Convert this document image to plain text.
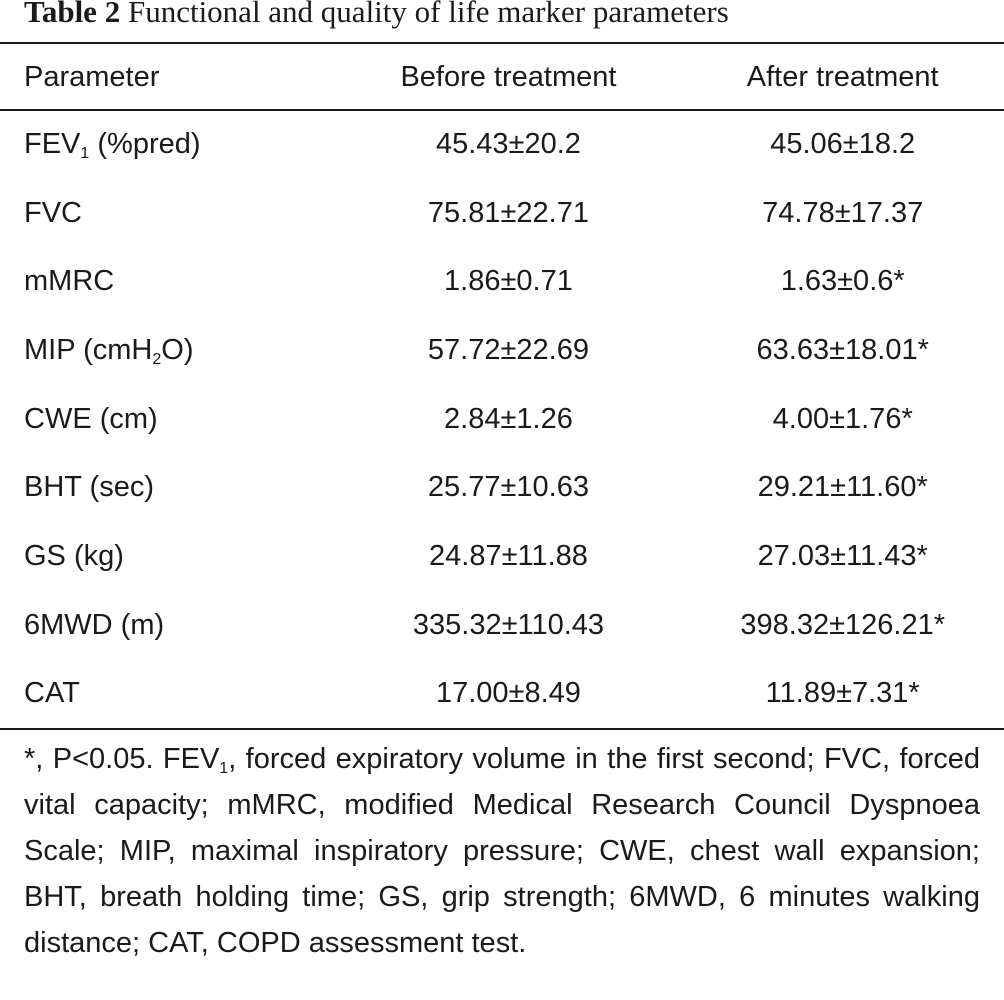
Table 2 Functional and quality of life marker parameters
Parameter	Before treatment	After treatment
$FEV_1$ (%pred)	45.43±20.2	45.06±18.2
FVC	75.81±22.71	74.78±17.37
mMRC	1.86±0.71	1.63±0.6*
MIP (cmH$_2$O)	57.72±22.69	63.63±18.01*
CWE (cm)	2.84±1.26	4.00±1.76*
BHT (sec)	25.77±10.63	29.21±11.60*
GS (kg)	24.87±11.88	27.03±11.43*
6MWD (m)	335.32±110.43	398.32±126.21*
CAT	17.00±8.49	11.89±7.31*

*, P<0.05. $FEV_1$, forced expiratory volume in the first second; FVC, forced vital capacity; mMRC, modified Medical Research Council Dyspnoea Scale; MIP, maximal inspiratory pressure; CWE, chest wall expansion; BHT, breath holding time; GS, grip strength; 6MWD, 6 minutes walking distance; CAT, COPD assessment test.
